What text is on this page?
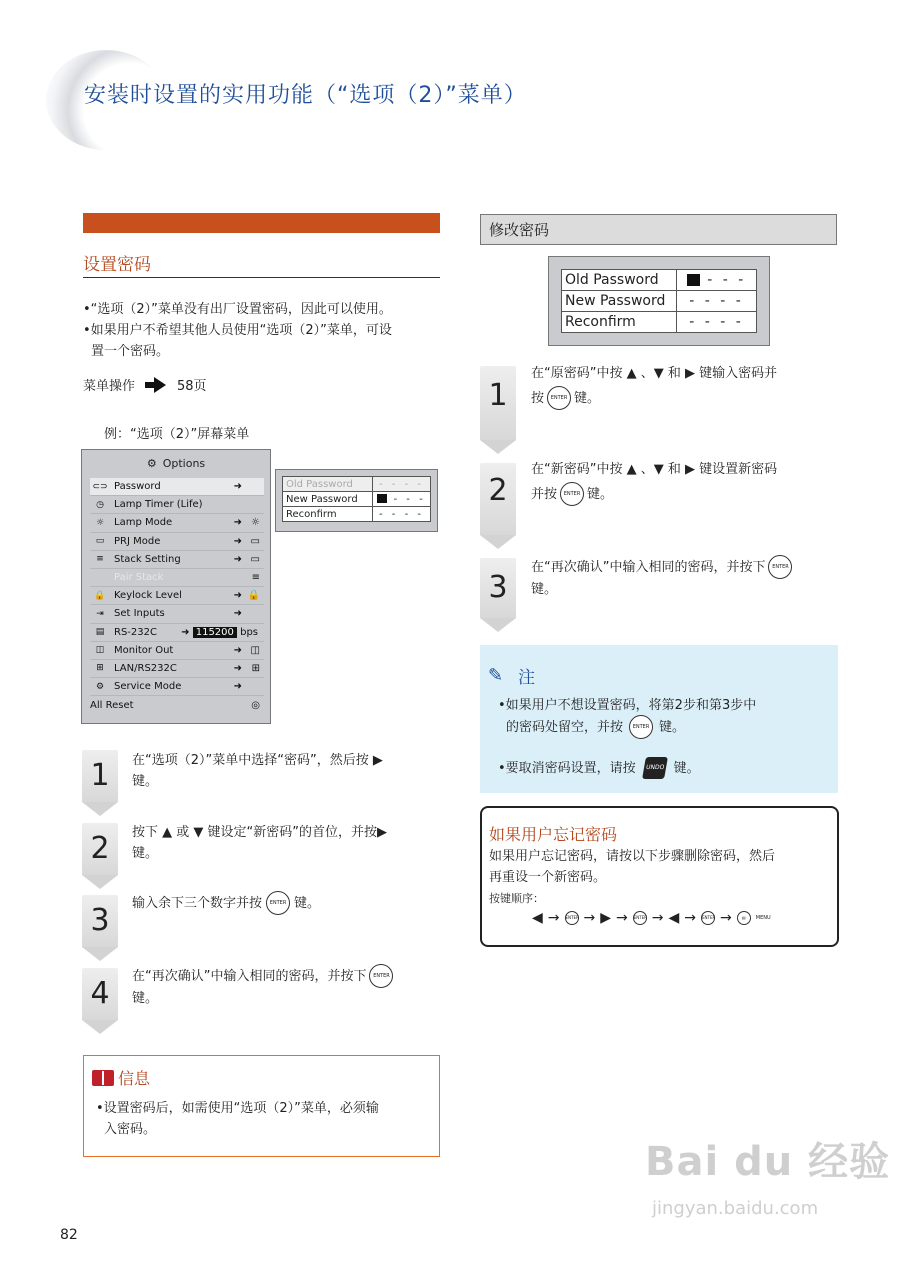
安装时设置的实用功能（“选项（2）”菜单）
设置密码
•“选项（2）”菜单没有出厂设置密码，因此可以使用。
•如果用户不希望其他人员使用“选项（2）”菜单，可设
置一个密码。
菜单操作	58页
例：“选项（2）”屏幕菜单
⚙ Options
⊂⊃ Password	➜
◷	Lamp Timer (Life)
☼ Lamp Mode	➜ ☼
▭ PRJ Mode	➜ ▭
≡	Stack Setting	➜ ▭
Pair Stack	≡
🔒 Keylock Level	➜ 🔒
⇥	Set Inputs	➜
▤ RS-232C ➜ 115200 bps
◫ Monitor Out	➜ ◫
⊞	LAN/RS232C	➜ ⊞
⚙ Service Mode	➜
All Reset	◎
Old Password	- - - -
New Password	- - -
Reconfirm	- - - -
1	在“选项（2）”菜单中选择“密码”，然后按 ▶
键。
2	按下 ▲ 或 ▼ 键设定“新密码”的首位，并按▶
键。
3	输入余下三个数字并按	ENTER 键。
4	在“再次确认”中输入相同的密码，并按下	ENTER
键。
信息
•设置密码后，如需使用“选项（2）”菜单，必须输
入密码。
82
修改密码
Old Password	- - -
New Password	- - - -
Reconfirm	- - - -
1
在“原密码”中按 ▲ 、▼ 和 ▶ 键输入密码并
按	ENTER 键。
2
在“新密码”中按 ▲ 、▼ 和 ▶ 键设置新密码
并按	ENTER 键。
3
在“再次确认”中输入相同的密码，并按下	ENTER
键。
✎ 注
•如果用户不想设置密码，将第2步和第3步中
的密码处留空，并按	ENTER 键。
•要取消密码设置，请按	UNDO 键。
如果用户忘记密码
如果用户忘记密码，请按以下步骤删除密码，然后
再重设一个新密码。
按键顺序：
◀ → ENTER → ▶ → ENTER → ◀ → ENTER →	▤	MENU
Bai du 经验
jingyan.baidu.com
